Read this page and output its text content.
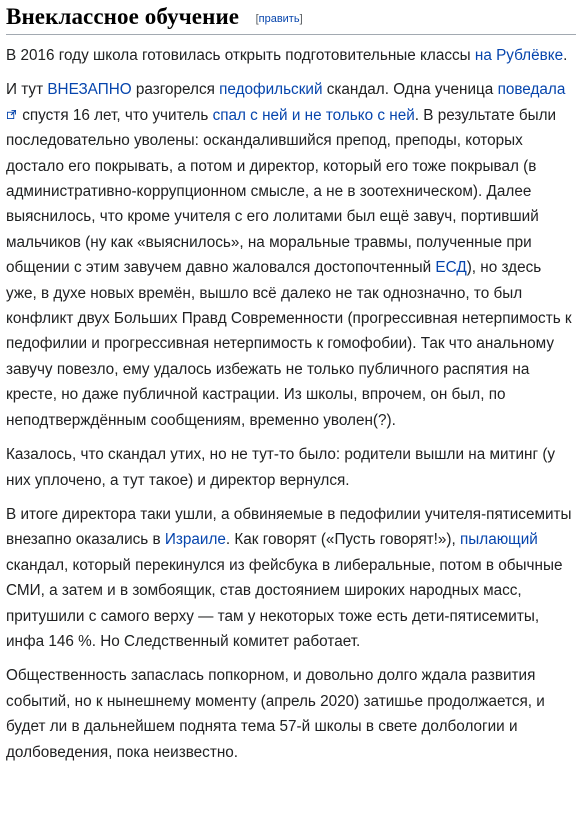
Внеклассное обучение [править]

В 2016 году школа готовилась открыть подготовительные классы на Рублёвке.

И тут ВНЕЗАПНО разгорелся педофильский скандал. Одна ученица поведала спустя 16 лет, что учитель спал с ней и не только с ней. В результате были последовательно уволены: оскандалившийся препод, преподы, которых достало его покрывать, а потом и директор, который его тоже покрывал (в административно-коррупционном смысле, а не в зоотехническом). Далее выяснилось, что кроме учителя с его лолитами был ещё завуч, портивший мальчиков (ну как «выяснилось», на моральные травмы, полученные при общении с этим завучем давно жаловался достопочтенный ЕСД), но здесь уже, в духе новых времён, вышло всё далеко не так однозначно, то был конфликт двух Больших Правд Современности (прогрессивная нетерпимость к педофилии и прогрессивная нетерпимость к гомофобии). Так что анальному завучу повезло, ему удалось избежать не только публичного распятия на кресте, но даже публичной кастрации. Из школы, впрочем, он был, по неподтверждённым сообщениям, временно уволен(?).

Казалось, что скандал утих, но не тут-то было: родители вышли на митинг (у них уплочено, а тут такое) и директор вернулся.

В итоге директора таки ушли, а обвиняемые в педофилии учителя-пятисемиты внезапно оказались в Израиле. Как говорят («Пусть говорят!»), пылающий скандал, который перекинулся из фейсбука в либеральные, потом в обычные СМИ, а затем и в зомбоящик, став достоянием широких народных масс, притушили с самого верху — там у некоторых тоже есть дети-пятисемиты, инфа 146 %. Но Следственный комитет работает.

Общественность запаслась попкорном, и довольно долго ждала развития событий, но к нынешнему моменту (апрель 2020) затишье продолжается, и будет ли в дальнейшем поднята тема 57-й школы в свете долбологии и долбоведения, пока неизвестно.
